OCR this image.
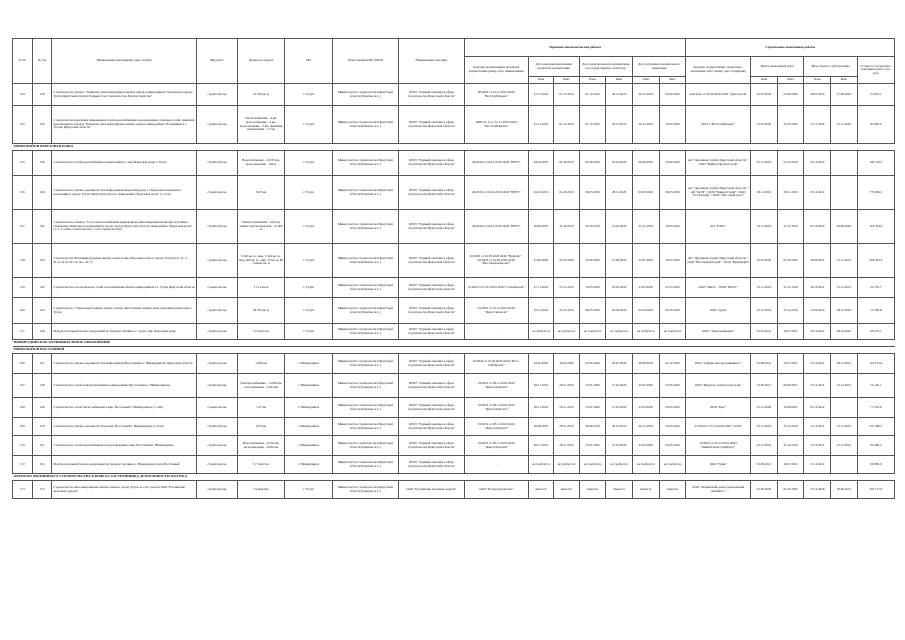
№ п/п	№ объ	Наименование мероприятия, адрес объекта	Вид работ	Мощность объекта	МО	Ответственный МО, ИОГВ	Наименование заказчика	Проектно-изыскательские работы							Строительно-монтажные работы					
								Контракт на выполнение проектной документации (номер, дата, наименование)	Дата окончания выполнения проектной документации		Дата сдачи проектной документации на государственную экспертизу		Дата получения положительного заключения		Контракт на выполнение строительно-монтажных работ (номер, дата, подрядчик)	Начало выполнения работ		Ввод объекта в эксплуатацию		Стоимость строительно-монтажных работ (тыс. руб.)
									План	Факт	План	Факт	План	Факт		План	Факт	План	Факт	
164	136	Строительство объекта "Комплекс многоквартирных жилых домов в микрорайоне Ускальном в городе Тулун Иркутской области Первый этап строительства. Благоустройство"	строительство	10 336 кв. м	г. Тулун	Министерство строительства Иркутской области (Павлюк А.С.)	ОГКУ "Единый заказчик в сфере строительства Иркутской области"	08.2020 от 01.11.2019 ООО "ВостСибПроект"	01.11.2019	01.11.2019	01.12.2019	20.12.2019	20.12.2019	03.02.2020	контракт от 03.06.2020 ООО "Домострой"	01.05.2020	03.06.2020	20.07.2020	17.09.2020	23 691,1
165	139	Строительство наружных инженерных сетей водоснабжения, водоотведения, тепловых сетей, ливневой канализации к объекту "Комплекс многоквартирных жилых домов в микрорайоне Угольщиков в г. Тулуне Иркутской области"	строительство	Теплоснабжение - 4 км, водоснабжение - 4 км, водоотведение - 5 км, ливневая канализация - 1,5 км	г. Тулун	Министерство строительства Иркутской области (Павлюк А.С.)	ОГКУ "Единый заказчик в сфере строительства Иркутской области"	ОКП 01/11 от 01.11.2019 ООО "ВостСибПроект"	01.11.2019	01.11.2019	01.12.2019	20.12.2019	20.12.2019	19.05.2020	ОП 01 "ВостСибПроект"	21.05.2020	25.05.2020	15.11.2020	31.12.2020	83 685,4
МИКРОРАЙОН БЕРЕЗОВАЯ РОЩА																				
155	146	Строительство сетей водоснабжения в микрорайоне г. мкр Березовая роща г. Тулун	строительство	Водоснабжение - 10,335 км, водоотведение - 196 м	г. Тулун	Министерство строительства Иркутской области (Павлюк А.С.)	ОГКУ "Единый заказчик в сфере строительства Иркутской области"	04/2019 от 04.10.2019 ООО "НЕРТ"	04.10.2019	04.10.2019	02.09.2020	25.01.2020	06.06.2020	22.09.2020	АО "Дорожная служба Иркутской области" / ООО "Байкал-ПроектСтрой"	01.12.2019	03.12.2019	25.12.2022		196 143,3
156	146	Строительство улично-дорожной сети микрорайона Березовая роща с объектами социального назначения в городе Тулун, Иркутская область, микрорайон "Березовая роща" (1 этап)	строительство	8,47 км	г. Тулун	Министерство строительства Иркутской области (Павлюк А.С.)	ОГКУ "Единый заказчик в сфере строительства Иркутской области"	04/2019 от 04.10.2019 ООО "НЕРТ"	04.10.2019	04.10.2019	28.03.2020	28.11.2020	03.03.2020	26.03.2020	АО "Дорожная служба Иркутской области" / АО "АСМ" / ООО "БайкалСтрой" / ООО "СтальТрейд" / ООО "Мостовой трест"	29.11.2019	28.11.2019	25.12.2022		779 096,5
157	142	Строительство объекта "Сеть электроснабжения микрорайона многоквартирной жилой застройки с объектами социального назначения в городе Тулун, Иркутская область, микрорайон "Березовая роща" (1, 2, 3 этапы строительства 1 этап строительства)"	строительство	Электроснабжение - 24,6 км, линии электропередачи - 16 000 м	г. Тулун	Министерство строительства Иркутской области (Павлюк А.С.)	ОГКУ "Единый заказчик в сфере строительства Иркутской области"	04/2019 от 04.10.2019 ООО "НЕРТ"	20.09.2019	14.10.2019	29.10.2019	14.02.2020	25.11.2019	10.03.2020	АО "РЭКС"	25.11.2019	25.11.2019	01.10.2020	20.09.2020	118 764,6
158	143	Строительство 80 индивидуальных жилых домов в мкр. Березовая роща в городе Тулун (поз. 4С-1, 4С-6, 4С-8, 4С-14, поз. 4С-7)	строительство	3 226 кв. м - мкр, 3 344 кв. м - мкр, 400 кв. м - мкр, 33 кв. м, 80 этажей, кв. м	г. Тулун	Министерство строительства Иркутской области (Павлюк А.С.)	ОГКУ "Единый заказчик в сфере строительства Иркутской области"	02/2020 от 22.05.2020 ООО "НовСиб" / 02/2020 от 19.06.2020 ООО "Востокпромпроект"	01.06.2020	22.05.2020	22.06.2020	12.06.2020	22.07.2020	16.07.2020	АО "Дорожная служба Иркутской области" / ООО "ВостокДомСтрой" / ООО "ИркПрофи"	01.05.2020	01.05.2020	30.06.2021	21.12.2021	408 453,3
159	144	Строительство газопроводов и сетей газоснабжения объекта микрорайона в г. Тулун Иркутской области	строительство	171,4 км м	г. Тулун	Министерство строительства Иркутской области (Павлюк А.С.)	ОГКУ "Единый заказчик в сфере строительства Иркутской области"	12/2019 от 01.01.2019 ООО "СпецПроект"	27.11.2019	25.11.2019	15.05.2020	18.05.2020	23.05.2020	21.05.2020	ООО "Ингаз" / ООО "ИИСТ"	25.11.2019	25.11.2019	30.12.2021	31.12.2021	24 781,7
160	145	Строительство 7 (школьных) жилых домов, четыре двухэтажных жилых дома в мкр Березовая роща г. Тулун	строительство	30 535 кв. м	г. Тулун	Министерство строительства Иркутской области (Павлюк А.С.)	ОГКУ "Единый заказчик в сфере строительства Иркутской области"	25/2019 от 25.12.2019 ООО "Иркутскпроект"	25.12.2019	25.12.2019	06.03.2020	02.04.2020	05.04.2020	02.04.2020	ООО "Ауди"	25.12.2019	25.12.2019	13.06.2020	28.12.2020	13 206,8
171	146	Модуль котельной блочно-модульный на твердом топливе в г. Тулун, мкр. Березовая роща	строительство	7,6 Гкал/час	г. Тулун	Министерство строительства Иркутской области (Павлюк А.С.)	ОГКУ "Единый заказчик в сфере строительства Иркутской области"	-	не требуется	не требуется	не требуется	не требуется	не требуется	не требуется	ООО "Энергокомплекс"	01.05.2021	19.07.2021	25.12.2022	08.10.2022	99 270,1
НИЖНЕУДИНСКОЕ МУНИЦИПАЛЬНОЕ ОБРАЗОВАНИЕ																				
МИКРОРАЙОН ВОСТОЧНЫЙ																				
166	147	Строительство улично-дорожной сети микрорайона Восточный в г. Нижнеудинске Иркутской области	строительство	1,284 км	г. Нижнеудинск	Министерство строительства Иркутской области (Павлюк А.С.)	ОГКУ "Единый заказчик в сфере строительства Иркутской области"	01/2020 от 19.05.2020 ООО "Вост-СибПроект"	03.05.2020	19.05.2020	05.06.2020	03.07.2020	28.08.2020	22.12.2020	ООО "Сибирь-Ангарстройинвест"	01.08.2021	23.07.2021	15.12.2021	28.12.2021	119 125,6
167	148	Строительство сетей электроснабжения в микрорайоне Восточный в г. Нижнеудинске	строительство	Электроснабжение - 13,804 км, газоснабжение - 3,263 км	г. Нижнеудинск	Министерство строительства Иркутской области (Павлюк А.С.)	ОГКУ "Единый заказчик в сфере строительства Иркутской области"	19/2019 от 28.11.2019 ООО "ДомострПроект"	28.11.2019	28.11.2019	15.01.2020	15.01.2020	25.03.2020	25.05.2020	ООО "Иркутск-электросетьстрой"	13.05.2021	09.09.2021	15.12.2021	10.12.2021	74 126,1
168	149	Строительство сетей теплоснабжения в мкр. Восточный г. Нижнеудинск (1 этап)	строительство	7,47 км	г. Нижнеудинск	Министерство строительства Иркутской области (Павлюк А.С.)	ОГКУ "Единый заказчик в сфере строительства Иркутской области"	19/2019 от 28.11.2019 ООО "ДомострПроект"	28.11.2019	28.11.2019	15.01.2020	15.01.2020	25.03.2020	25.05.2020	ООО "Брег"	01.12.2020	16.08.2021	01.12.2022		75 561,6
169	150	Строительство улично-дорожной сети в мкр. Восточный г. Нижнеудинск (1 этап)	строительство	8,15 км	г. Нижнеудинск	Министерство строительства Иркутской области (Павлюк А.С.)	ОГКУ "Единый заказчик в сфере строительства Иркутской области"	19/2019 от 28.11.2019 ООО "ДомострПроект"	26.08.2019	28.11.2019	30.09.2019	30.10.2019	30.11.2019	25.03.2020	27/2019 от 25.12.2019 ООО "АСМ"	25.12.2019	25.12.2019	15.12.2021	15.12.2021	257 498,5
170	151	Строительство сетей водоснабжения и водоотведения в мкр. Восточный г. Нижнеудинск	строительство	Водоснабжение - 6,552 км, водоотведение - 4,450 км	г. Нижнеудинск	Министерство строительства Иркутской области (Павлюк А.С.)	ОГКУ "Единый заказчик в сфере строительства Иркутской области"	19/2019 от 28.11.2019 ООО "ДомострПроект"	28.11.2019	28.11.2019	15.01.2020	15.01.2020	25.05.2020	25.05.2020	34/2019 от 25.12.2019 ООО "БайкалСпецСтройТрест"	25.12.2019	25.12.2019	15.12.2021	15.12.2021	92 280,5
172	152	Модуль котельной блочно-модульный на твердом топливе в г. Нижнеудинск, мкр Восточный	строительство	5,7 Гкал/час	г. Нижнеудинск	Министерство строительства Иркутской области (Павлюк А.С.)	ОГКУ "Единый заказчик в сфере строительства Иркутской области"	-	не требуется	не требуется	не требуется	не требуется	не требуется	не требуется	ООО "Грин"	01.05.2021	19.07.2021	15.12.2022		99 890,0
ОБЪЕКТЫ ЖИЛИЩНОГО СТРОИТЕЛЬСТВА В РАМКАХ ЗАСТРОЙЩИКА ДЕЯТЕЛЬНОСТИ ОАО РЖД																				
173	153	Строительство многоквартирных жилых домов в городе Тулун за счет средств ОАО "Российские железные дороги"	строительство	73 квартир	г. Тулун	Министерство строительства Иркутской области (Павлюк А.С.)	ОАО "Российские железные дороги"	ОАО "Росжелдорпроект"	имеется	имеется	имеется	имеется	имеется	имеется	ООО "Абаканский домостроительный комбинат"	01.05.2020	01.05.2020	15.12.2020	29.06.2021	205 171,6
